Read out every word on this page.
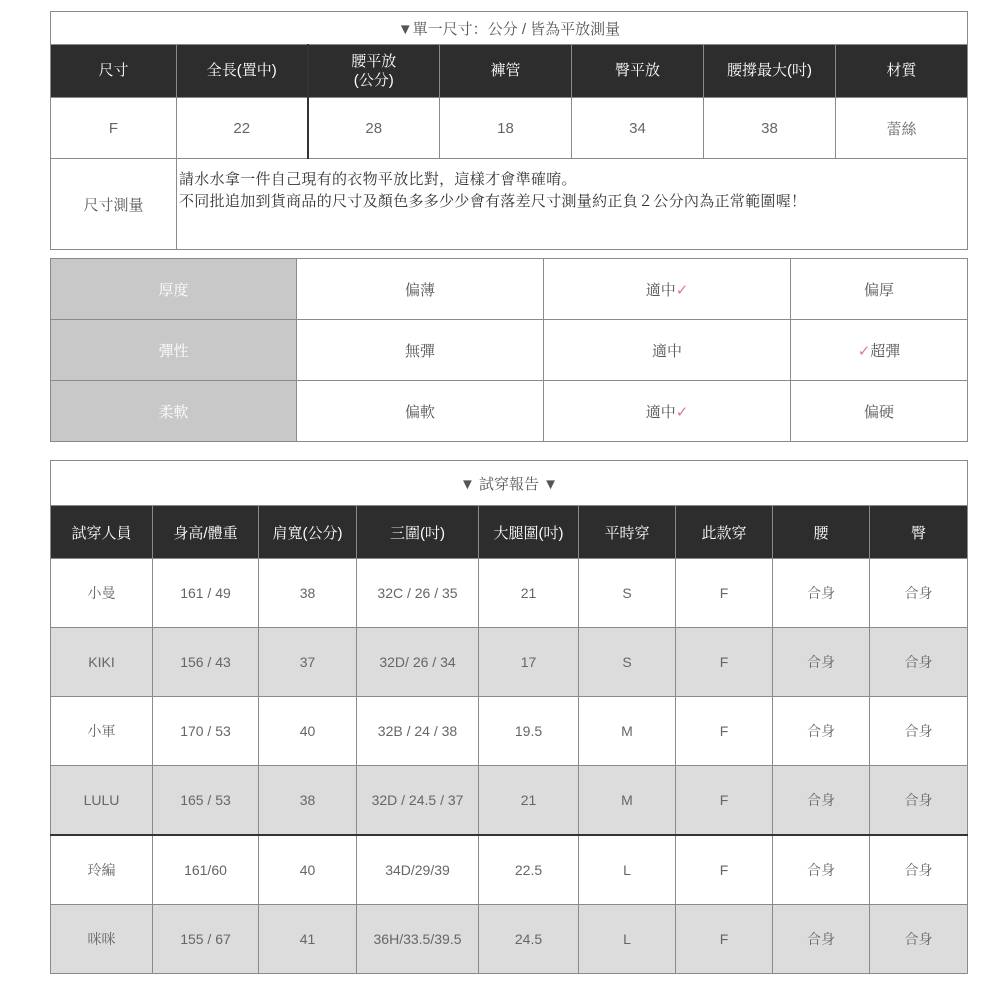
▼單一尺寸：公分 / 皆為平放測量						
尺寸	全長(置中)	腰平放
(公分)	褲管	臀平放	腰撐最大(吋)	材質
F	22	28	18	34	38	蕾絲
尺寸測量	請水水拿一件自己現有的衣物平放比對，這樣才會準確唷。
不同批追加到貨商品的尺寸及顏色多多少少會有落差尺寸測量約正負２公分內為正常範圍喔！					
厚度	偏薄	適中✓	偏厚
彈性	無彈	適中	✓超彈
柔軟	偏軟	適中✓	偏硬
▼ 試穿報告 ▼								
試穿人員	身高/體重	肩寬(公分)	三圍(吋)	大腿圍(吋)	平時穿	此款穿	腰	臀
小曼	161 / 49	38	32C / 26 / 35	21	S	F	合身	合身
KIKI	156 / 43	37	32D/ 26 / 34	17	S	F	合身	合身
小軍	170 / 53	40	32B / 24 / 38	19.5	M	F	合身	合身
LULU	165 / 53	38	32D / 24.5 / 37	21	M	F	合身	合身
玲編	161/60	40	34D/29/39	22.5	L	F	合身	合身
咪咪	155 / 67	41	36H/33.5/39.5	24.5	L	F	合身	合身
